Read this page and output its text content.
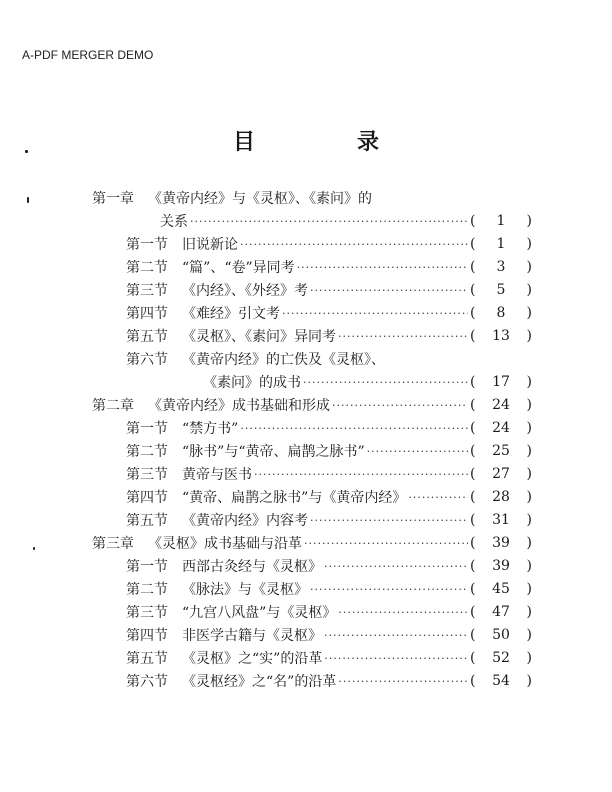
A-PDF MERGER DEMO
目　录
第一章 《黄帝内经》与《灵枢》、《素问》的
关系 ·····	(	1	)
第一节 旧说新论 ·····	(	1	)
第二节 “篇”、“卷”异同考 ·····	(	3	)
第三节 《内经》、《外经》考 ·····	(	5	)
第四节 《难经》引文考 ·····	(	8	)
第五节 《灵枢》、《素问》异同考 ·····	(	13	)
第六节 《黄帝内经》的亡佚及《灵枢》、
《素问》的成书 ·····	(	17	)
第二章 《黄帝内经》成书基础和形成 ·····	(	24	)
第一节 “禁方书” ·····	(	24	)
第二节 “脉书”与“黄帝、扁鹊之脉书” ·····	(	25	)
第三节 黄帝与医书 ·····	(	27	)
第四节 “黄帝、扁鹊之脉书”与《黄帝内经》 ·····	(	28	)
第五节 《黄帝内经》内容考 ·····	(	31	)
第三章 《灵枢》成书基础与沿革 ·····	(	39	)
第一节 西部古灸经与《灵枢》 ·····	(	39	)
第二节 《脉法》与《灵枢》 ·····	(	45	)
第三节 “九宫八风盘”与《灵枢》 ·····	(	47	)
第四节 非医学古籍与《灵枢》 ·····	(	50	)
第五节 《灵枢》之“实”的沿革 ·····	(	52	)
第六节 《灵枢经》之“名”的沿革 ·····	(	54	)
